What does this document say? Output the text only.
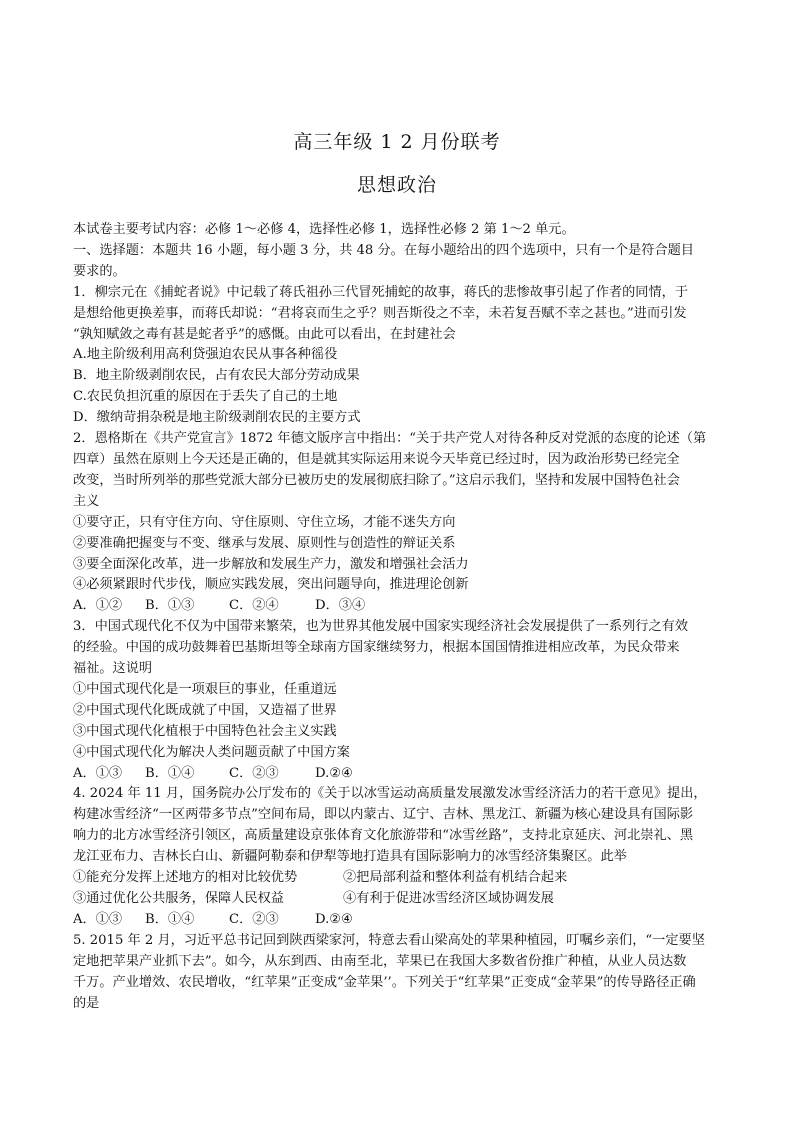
高三年级 1 2 月份联考
思想政治

本试卷主要考试内容：必修 1～必修 4，选择性必修 1，选择性必修 2 第 1～2 单元。

一、选择题：本题共 16 小题，每小题 3 分，共 48 分。在每小题给出的四个选项中，只有一个是符合题目

要求的。

1．柳宗元在《捕蛇者说》中记载了蒋氏祖孙三代冒死捕蛇的故事，蒋氏的悲惨故事引起了作者的同情，于

是想给他更换差事，而蒋氏却说：“君将哀而生之乎？则吾斯役之不幸，未若复吾赋不幸之甚也。”进而引发

“孰知赋敛之毒有甚是蛇者乎”的感慨。由此可以看出，在封建社会

A.地主阶级利用高利贷强迫农民从事各种徭役

B．地主阶级剥削农民，占有农民大部分劳动成果

C.农民负担沉重的原因在于丢失了自己的土地

D．缴纳苛捐杂税是地主阶级剥削农民的主要方式

2．恩格斯在《共产党宣言》1872 年德文版序言中指出：“关于共产党人对待各种反对党派的态度的论述（第

四章）虽然在原则上今天还是正确的，但是就其实际运用来说今天毕竟已经过时，因为政治形势已经完全

改变，当时所列举的那些党派大部分已被历史的发展彻底扫除了。”这启示我们，坚持和发展中国特色社会

主义

①要守正，只有守住方向、守住原则、守住立场，才能不迷失方向

②要准确把握变与不变、继承与发展、原则性与创造性的辩证关系

③要全面深化改革，进一步解放和发展生产力，激发和增强社会活力

④必须紧跟时代步伐，顺应实践发展，突出问题导向，推进理论创新

A．①②	B．①③	C．②④	D．③④

3．中国式现代化不仅为中国带来繁荣，也为世界其他发展中国家实现经济社会发展提供了一系列行之有效

的经验。中国的成功鼓舞着巴基斯坦等全球南方国家继续努力，根据本国国情推进相应改革，为民众带来

福祉。这说明

①中国式现代化是一项艰巨的事业，任重道远

②中国式现代化既成就了中国，又造福了世界

③中国式现代化植根于中国特色社会主义实践

④中国式现代化为解决人类问题贡献了中国方案

A．①③	B．①④	C．②③	D.②④

4. 2024 年 11 月，国务院办公厅发布的《关于以冰雪运动高质量发展激发冰雪经济活力的若干意见》提出，

构建冰雪经济“一区两带多节点”空间布局，即以内蒙古、辽宁、吉林、黑龙江、新疆为核心建设具有国际影

响力的北方冰雪经济引领区，高质量建设京张体育文化旅游带和“冰雪丝路”，支持北京延庆、河北崇礼、黑

龙江亚布力、吉林长白山、新疆阿勒泰和伊犁等地打造具有国际影响力的冰雪经济集聚区。此举

①能充分发挥上述地方的相对比较优势	②把局部利益和整体利益有机结合起来

③通过优化公共服务，保障人民权益	④有利于促进冰雪经济区域协调发展

A．①③	B．①④	C．②③	D.②④

5. 2015 年 2 月，习近平总书记回到陕西梁家河，特意去看山梁高处的苹果种植园，叮嘱乡亲们，“一定要坚

定地把苹果产业抓下去”。如今，从东到西、由南至北，苹果已在我国大多数省份推广种植，从业人员达数

千万。产业增效、农民增收，“红苹果”正变成“金苹果’’。下列关于“红苹果”正变成“金苹果”的传导路径正确

的是
